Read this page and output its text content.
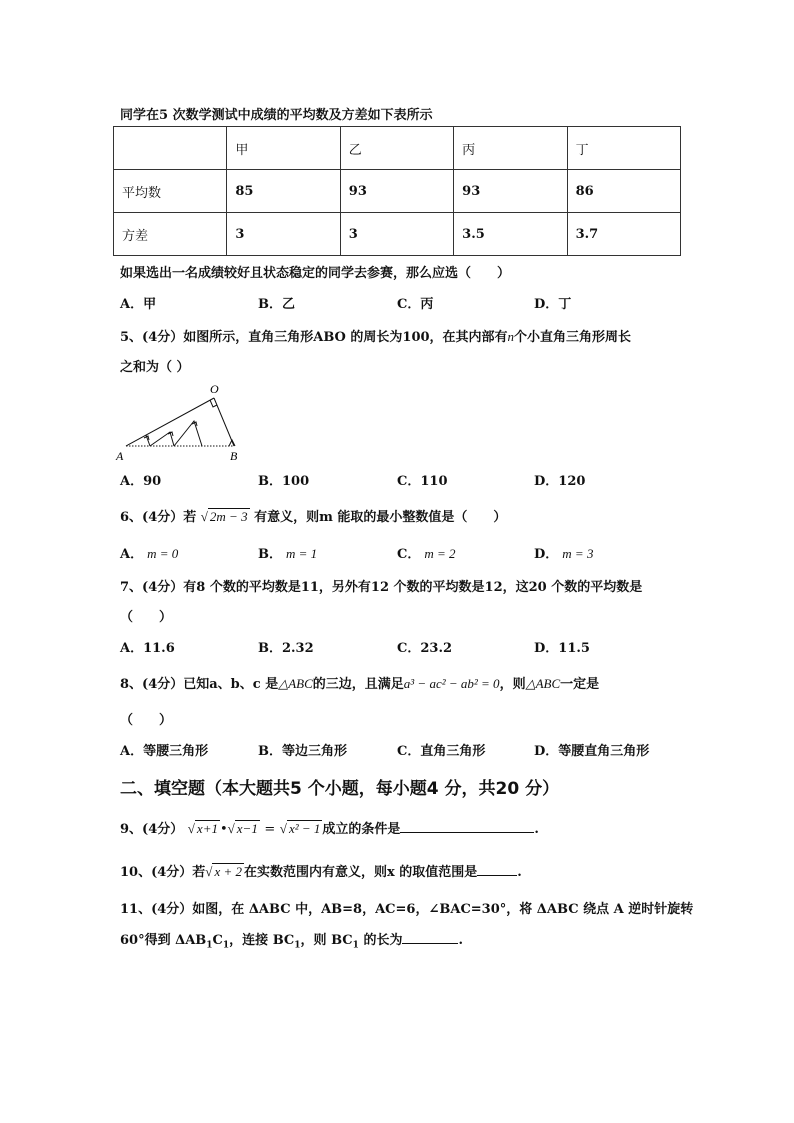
同学在5 次数学测试中成绩的平均数及方差如下表所示
	甲	乙	丙	丁
平均数	85	93	93	86
方差	3	3	3.5	3.7
如果选出一名成绩较好且状态稳定的同学去参赛，那么应选（　　）
A．甲	B．乙	C．丙	D．丁
5、(4分）如图所示，直角三角形ABO 的周长为100，在其内部有n个小直角三角形周长
之和为（ ）
A	B
O
A．90	B．100	C．110	D．120
6、(4分）若 √ 2m − 3 有意义，则m 能取的最小整数值是（　　）
A． m = 0	B． m = 1	C． m = 2	D． m = 3
7、(4分）有8 个数的平均数是11，另外有12 个数的平均数是12，这20 个数的平均数是
（　　）
A．11.6	B．2.32	C．23.2	D．11.5
8、(4分）已知a、b、c 是△ABC的三边，且满足a³ − ac² − ab² = 0，则△ABC一定是
（　　）
A．等腰三角形	B．等边三角形	C．直角三角形	D．等腰直角三角形
二、填空题（本大题共5 个小题，每小题4 分，共20 分）
9、(4分） √ x+1 •√ x−1 = √ x² − 1 成立的条件是	.
10、(4分）若√ x + 2 在实数范围内有意义，则x 的取值范围是	.
11、(4分）如图，在 ΔABC 中，AB=8，AC=6，∠BAC=30°，将 ΔABC 绕点 A 逆时针旋转
60°得到 $\Delta AB_1C_1$，连接 $BC_1$，则 $BC_1$ 的长为	.
